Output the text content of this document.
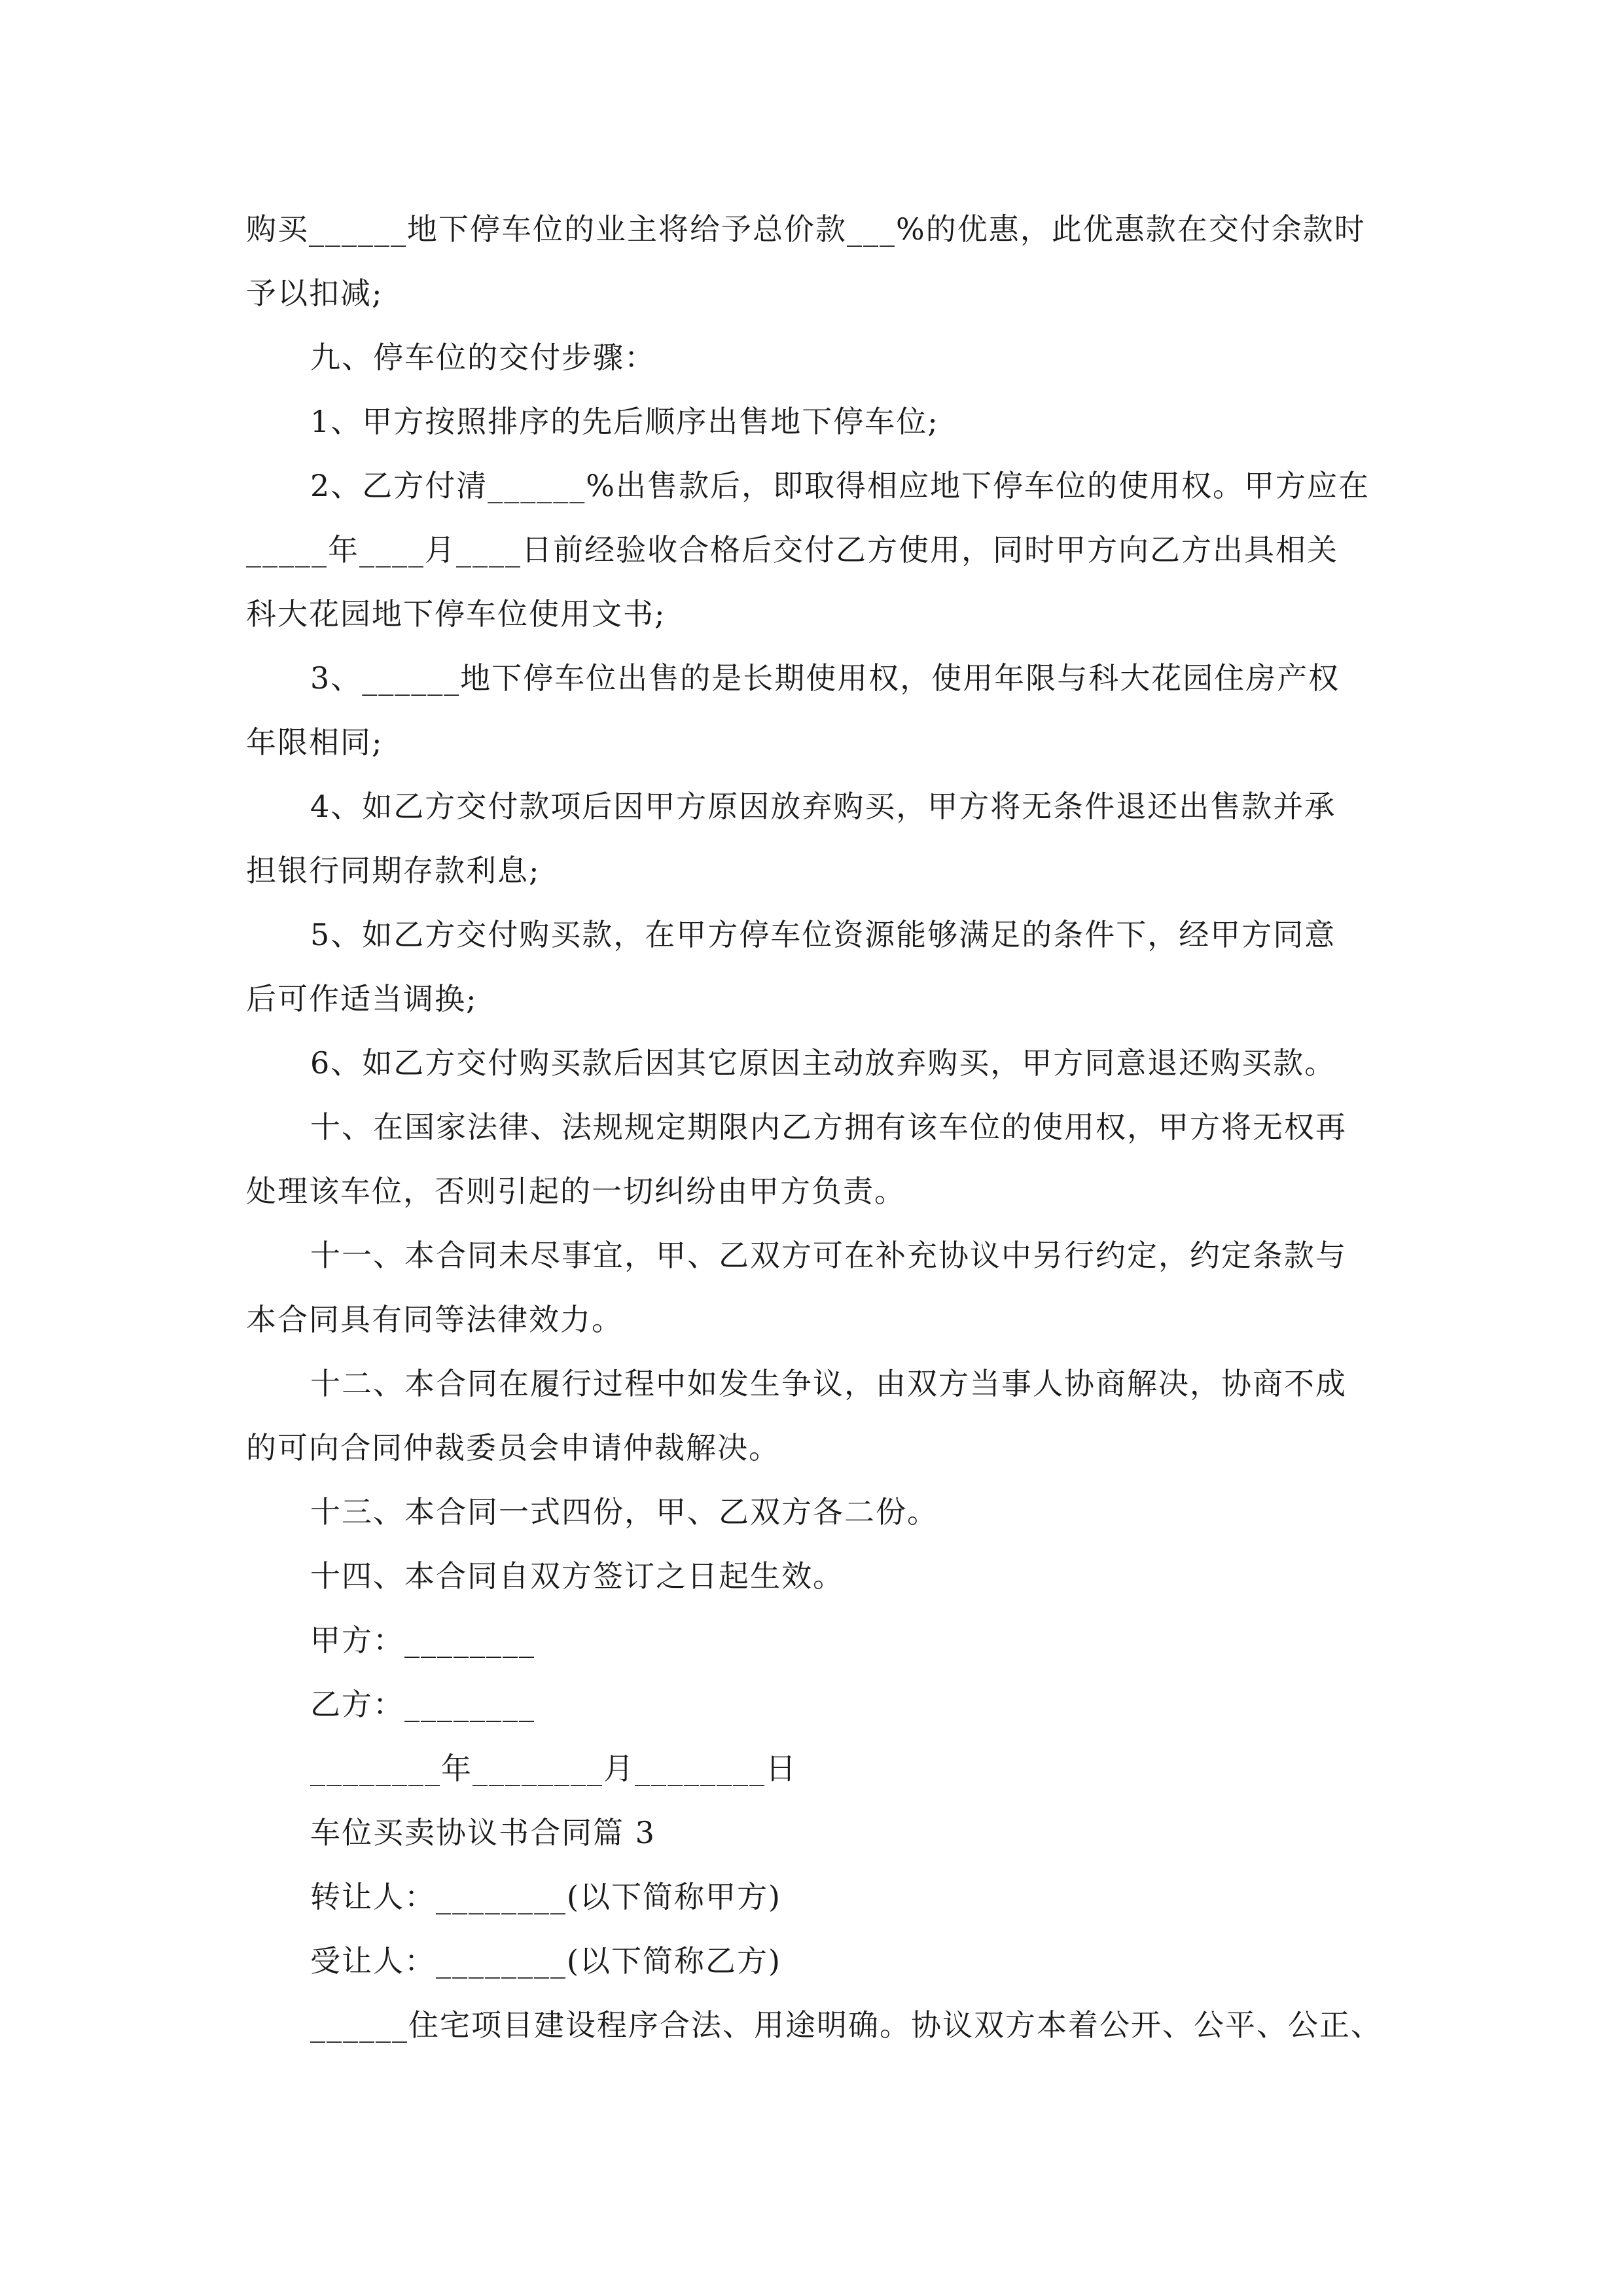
购买______地下停车位的业主将给予总价款___%的优惠，此优惠款在交付余款时
予以扣减;
九、停车位的交付步骤：
1、甲方按照排序的先后顺序出售地下停车位;
2、乙方付清______%出售款后，即取得相应地下停车位的使用权。甲方应在
_____年____月____日前经验收合格后交付乙方使用，同时甲方向乙方出具相关
科大花园地下停车位使用文书;
3、______地下停车位出售的是长期使用权，使用年限与科大花园住房产权
年限相同;
4、如乙方交付款项后因甲方原因放弃购买，甲方将无条件退还出售款并承
担银行同期存款利息;
5、如乙方交付购买款，在甲方停车位资源能够满足的条件下，经甲方同意
后可作适当调换;
6、如乙方交付购买款后因其它原因主动放弃购买，甲方同意退还购买款。
十、在国家法律、法规规定期限内乙方拥有该车位的使用权，甲方将无权再
处理该车位，否则引起的一切纠纷由甲方负责。
十一、本合同未尽事宜，甲、乙双方可在补充协议中另行约定，约定条款与
本合同具有同等法律效力。
十二、本合同在履行过程中如发生争议，由双方当事人协商解决，协商不成
的可向合同仲裁委员会申请仲裁解决。
十三、本合同一式四份，甲、乙双方各二份。
十四、本合同自双方签订之日起生效。
甲方：________
乙方：________
________年________月________日
车位买卖协议书合同篇 3
转让人：________(以下简称甲方)
受让人：________(以下简称乙方)
______住宅项目建设程序合法、用途明确。协议双方本着公开、公平、公正、
